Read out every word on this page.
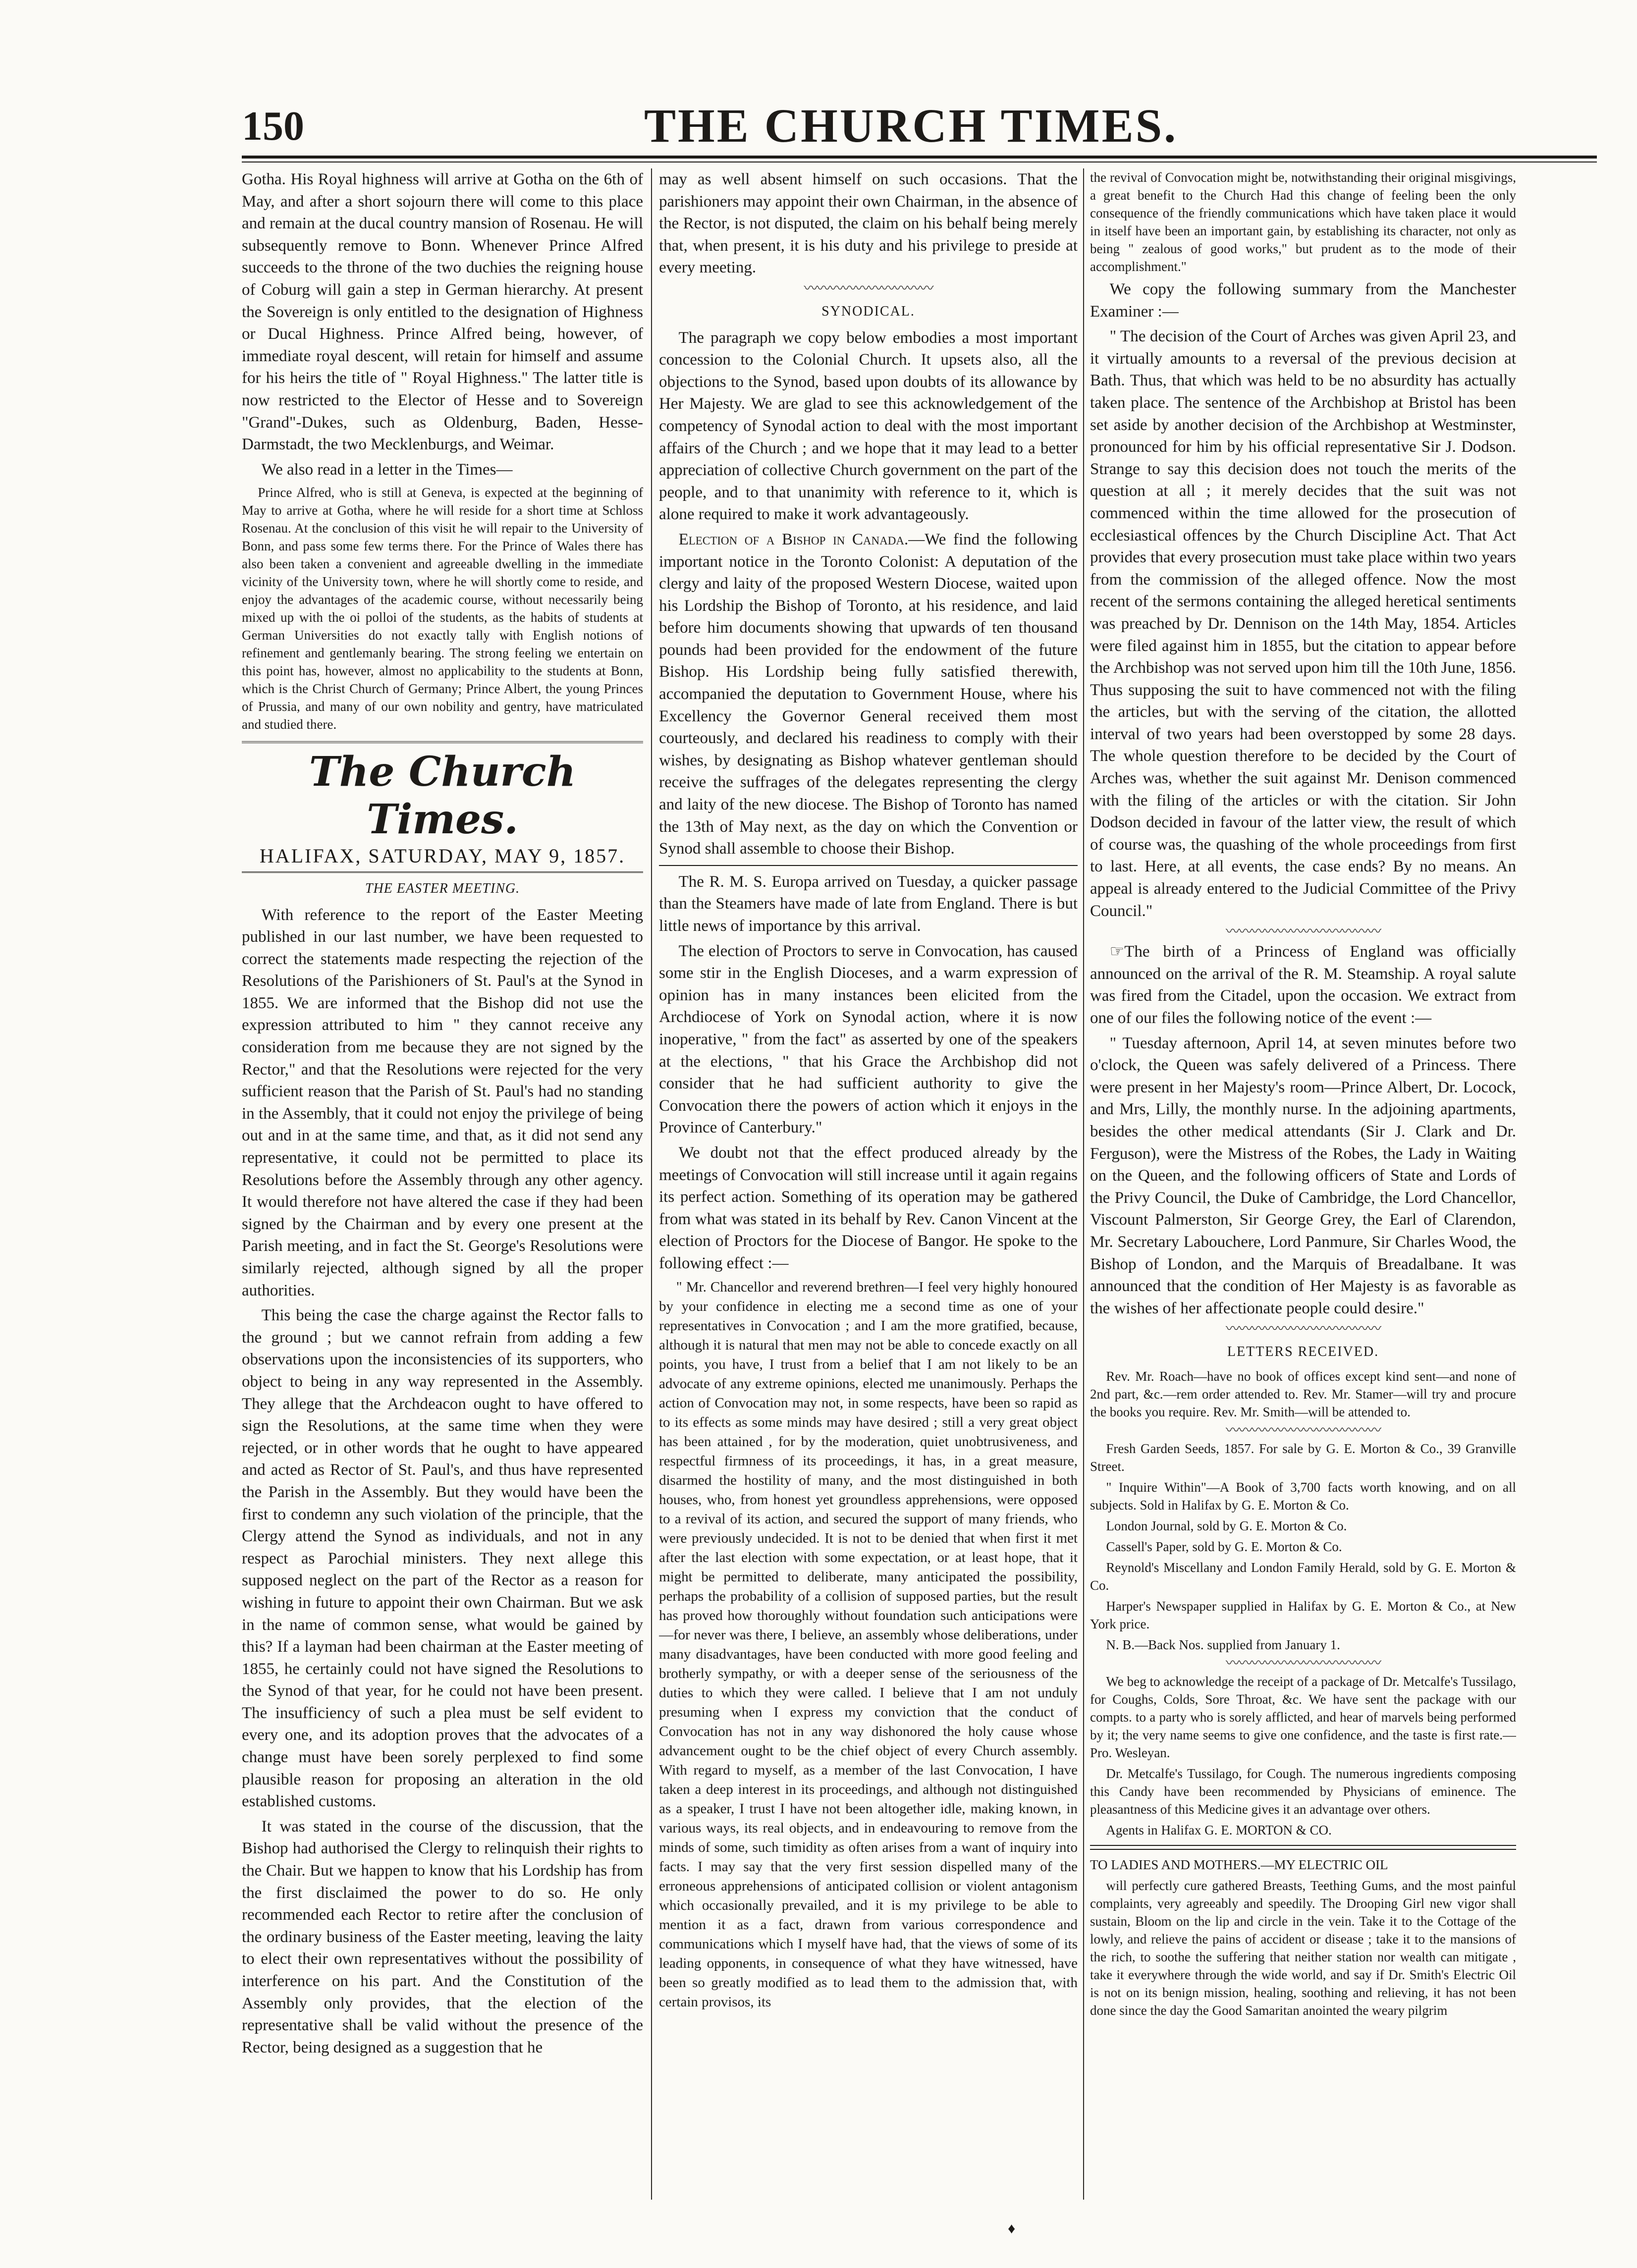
150	THE CHURCH TIMES.

Gotha. His Royal highness will arrive at Gotha on the 6th of May, and after a short sojourn there will come to this place and remain at the ducal country mansion of Rosenau. He will subsequently remove to Bonn. Whenever Prince Alfred succeeds to the throne of the two duchies the reigning house of Coburg will gain a step in German hierarchy. At present the Sovereign is only entitled to the designation of Highness or Ducal Highness. Prince Alfred being, however, of immediate royal descent, will retain for himself and assume for his heirs the title of " Royal Highness." The latter title is now restricted to the Elector of Hesse and to Sovereign "Grand"-Dukes, such as Oldenburg, Baden, Hesse-Darmstadt, the two Mecklenburgs, and Weimar.

We also read in a letter in the Times—

Prince Alfred, who is still at Geneva, is expected at the beginning of May to arrive at Gotha, where he will reside for a short time at Schloss Rosenau. At the conclusion of this visit he will repair to the University of Bonn, and pass some few terms there. For the Prince of Wales there has also been taken a convenient and agreeable dwelling in the immediate vicinity of the University town, where he will shortly come to reside, and enjoy the advantages of the academic course, without necessarily being mixed up with the oi polloi of the students, as the habits of students at German Universities do not exactly tally with English notions of refinement and gentlemanly bearing. The strong feeling we entertain on this point has, however, almost no applicability to the students at Bonn, which is the Christ Church of Germany; Prince Albert, the young Princes of Prussia, and many of our own nobility and gentry, have matriculated and studied there.

The Church Times.
HALIFAX, SATURDAY, MAY 9, 1857.
THE EASTER MEETING.

With reference to the report of the Easter Meeting published in our last number, we have been requested to correct the statements made respecting the rejection of the Resolutions of the Parishioners of St. Paul's at the Synod in 1855. We are informed that the Bishop did not use the expression attributed to him " they cannot receive any consideration from me because they are not signed by the Rector," and that the Resolutions were rejected for the very sufficient reason that the Parish of St. Paul's had no standing in the Assembly, that it could not enjoy the privilege of being out and in at the same time, and that, as it did not send any representative, it could not be permitted to place its Resolutions before the Assembly through any other agency. It would therefore not have altered the case if they had been signed by the Chairman and by every one present at the Parish meeting, and in fact the St. George's Resolutions were similarly rejected, although signed by all the proper authorities.

This being the case the charge against the Rector falls to the ground ; but we cannot refrain from adding a few observations upon the inconsistencies of its supporters, who object to being in any way represented in the Assembly. They allege that the Archdeacon ought to have offered to sign the Resolutions, at the same time when they were rejected, or in other words that he ought to have appeared and acted as Rector of St. Paul's, and thus have represented the Parish in the Assembly. But they would have been the first to condemn any such violation of the principle, that the Clergy attend the Synod as individuals, and not in any respect as Parochial ministers. They next allege this supposed neglect on the part of the Rector as a reason for wishing in future to appoint their own Chairman. But we ask in the name of common sense, what would be gained by this? If a layman had been chairman at the Easter meeting of 1855, he certainly could not have signed the Resolutions to the Synod of that year, for he could not have been present. The insufficiency of such a plea must be self evident to every one, and its adoption proves that the advocates of a change must have been sorely perplexed to find some plausible reason for proposing an alteration in the old established customs.

It was stated in the course of the discussion, that the Bishop had authorised the Clergy to relinquish their rights to the Chair. But we happen to know that his Lordship has from the first disclaimed the power to do so. He only recommended each Rector to retire after the conclusion of the ordinary business of the Easter meeting, leaving the laity to elect their own representatives without the possibility of interference on his part. And the Constitution of the Assembly only provides, that the election of the representative shall be valid without the presence of the Rector, being designed as a suggestion that he

may as well absent himself on such occasions. That the parishioners may appoint their own Chairman, in the absence of the Rector, is not disputed, the claim on his behalf being merely that, when present, it is his duty and his privilege to preside at every meeting.

〰〰〰〰〰〰〰〰〰〰
SYNODICAL.

The paragraph we copy below embodies a most important concession to the Colonial Church. It upsets also, all the objections to the Synod, based upon doubts of its allowance by Her Majesty. We are glad to see this acknowledgement of the competency of Synodal action to deal with the most important affairs of the Church ; and we hope that it may lead to a better appreciation of collective Church government on the part of the people, and to that unanimity with reference to it, which is alone required to make it work advantageously.

Election of a Bishop in Canada.—We find the following important notice in the Toronto Colonist: A deputation of the clergy and laity of the proposed Western Diocese, waited upon his Lordship the Bishop of Toronto, at his residence, and laid before him documents showing that upwards of ten thousand pounds had been provided for the endowment of the future Bishop. His Lordship being fully satisfied therewith, accompanied the deputation to Government House, where his Excellency the Governor General received them most courteously, and declared his readiness to comply with their wishes, by designating as Bishop whatever gentleman should receive the suffrages of the delegates representing the clergy and laity of the new diocese. The Bishop of Toronto has named the 13th of May next, as the day on which the Convention or Synod shall assemble to choose their Bishop.

The R. M. S. Europa arrived on Tuesday, a quicker passage than the Steamers have made of late from England. There is but little news of importance by this arrival.

The election of Proctors to serve in Convocation, has caused some stir in the English Dioceses, and a warm expression of opinion has in many instances been elicited from the Archdiocese of York on Synodal action, where it is now inoperative, " from the fact" as asserted by one of the speakers at the elections, " that his Grace the Archbishop did not consider that he had sufficient authority to give the Convocation there the powers of action which it enjoys in the Province of Canterbury."

We doubt not that the effect produced already by the meetings of Convocation will still increase until it again regains its perfect action. Something of its operation may be gathered from what was stated in its behalf by Rev. Canon Vincent at the election of Proctors for the Diocese of Bangor. He spoke to the following effect :—

" Mr. Chancellor and reverend brethren—I feel very highly honoured by your confidence in electing me a second time as one of your representatives in Convocation ; and I am the more gratified, because, although it is natural that men may not be able to concede exactly on all points, you have, I trust from a belief that I am not likely to be an advocate of any extreme opinions, elected me unanimously. Perhaps the action of Convocation may not, in some respects, have been so rapid as to its effects as some minds may have desired ; still a very great object has been attained , for by the moderation, quiet unobtrusiveness, and respectful firmness of its proceedings, it has, in a great measure, disarmed the hostility of many, and the most distinguished in both houses, who, from honest yet groundless apprehensions, were opposed to a revival of its action, and secured the support of many friends, who were previously undecided. It is not to be denied that when first it met after the last election with some expectation, or at least hope, that it might be permitted to deliberate, many anticipated the possibility, perhaps the probability of a collision of supposed parties, but the result has proved how thoroughly without foundation such anticipations were—for never was there, I believe, an assembly whose deliberations, under many disadvantages, have been conducted with more good feeling and brotherly sympathy, or with a deeper sense of the seriousness of the duties to which they were called. I believe that I am not unduly presuming when I express my conviction that the conduct of Convocation has not in any way dishonored the holy cause whose advancement ought to be the chief object of every Church assembly. With regard to myself, as a member of the last Convocation, I have taken a deep interest in its proceedings, and although not distinguished as a speaker, I trust I have not been altogether idle, making known, in various ways, its real objects, and in endeavouring to remove from the minds of some, such timidity as often arises from a want of inquiry into facts. I may say that the very first session dispelled many of the erroneous apprehensions of anticipated collision or violent antagonism which occasionally prevailed, and it is my privilege to be able to mention it as a fact, drawn from various correspondence and communications which I myself have had, that the views of some of its leading opponents, in consequence of what they have witnessed, have been so greatly modified as to lead them to the admission that, with certain provisos, its

the revival of Convocation might be, notwithstanding their original misgivings, a great benefit to the Church Had this change of feeling been the only consequence of the friendly communications which have taken place it would in itself have been an important gain, by establishing its character, not only as being " zealous of good works," but prudent as to the mode of their accomplishment."

We copy the following summary from the Manchester Examiner :—

" The decision of the Court of Arches was given April 23, and it virtually amounts to a reversal of the previous decision at Bath. Thus, that which was held to be no absurdity has actually taken place. The sentence of the Archbishop at Bristol has been set aside by another decision of the Archbishop at Westminster, pronounced for him by his official representative Sir J. Dodson. Strange to say this decision does not touch the merits of the question at all ; it merely decides that the suit was not commenced within the time allowed for the prosecution of ecclesiastical offences by the Church Discipline Act. That Act provides that every prosecution must take place within two years from the commission of the alleged offence. Now the most recent of the sermons containing the alleged heretical sentiments was preached by Dr. Dennison on the 14th May, 1854. Articles were filed against him in 1855, but the citation to appear before the Archbishop was not served upon him till the 10th June, 1856. Thus supposing the suit to have commenced not with the filing the articles, but with the serving of the citation, the allotted interval of two years had been overstopped by some 28 days. The whole question therefore to be decided by the Court of Arches was, whether the suit against Mr. Denison commenced with the filing of the articles or with the citation. Sir John Dodson decided in favour of the latter view, the result of which of course was, the quashing of the whole proceedings from first to last. Here, at all events, the case ends? By no means. An appeal is already entered to the Judicial Committee of the Privy Council."

〰〰〰〰〰〰〰〰〰〰〰〰

☞The birth of a Princess of England was officially announced on the arrival of the R. M. Steamship. A royal salute was fired from the Citadel, upon the occasion. We extract from one of our files the following notice of the event :—

" Tuesday afternoon, April 14, at seven minutes before two o'clock, the Queen was safely delivered of a Princess. There were present in her Majesty's room—Prince Albert, Dr. Locock, and Mrs, Lilly, the monthly nurse. In the adjoining apartments, besides the other medical attendants (Sir J. Clark and Dr. Ferguson), were the Mistress of the Robes, the Lady in Waiting on the Queen, and the following officers of State and Lords of the Privy Council, the Duke of Cambridge, the Lord Chancellor, Viscount Palmerston, Sir George Grey, the Earl of Clarendon, Mr. Secretary Labouchere, Lord Panmure, Sir Charles Wood, the Bishop of London, and the Marquis of Breadalbane. It was announced that the condition of Her Majesty is as favorable as the wishes of her affectionate people could desire."

〰〰〰〰〰〰〰〰〰〰〰〰
LETTERS RECEIVED.

Rev. Mr. Roach—have no book of offices except kind sent—and none of 2nd part, &c.—rem order attended to. Rev. Mr. Stamer—will try and procure the books you require. Rev. Mr. Smith—will be attended to.

〰〰〰〰〰〰〰〰〰〰〰〰

Fresh Garden Seeds, 1857. For sale by G. E. Morton & Co., 39 Granville Street.

" Inquire Within"—A Book of 3,700 facts worth knowing, and on all subjects. Sold in Halifax by G. E. Morton & Co.

London Journal, sold by G. E. Morton & Co.

Cassell's Paper, sold by G. E. Morton & Co.

Reynold's Miscellany and London Family Herald, sold by G. E. Morton & Co.

Harper's Newspaper supplied in Halifax by G. E. Morton & Co., at New York price.

N. B.—Back Nos. supplied from January 1.

〰〰〰〰〰〰〰〰〰〰〰〰

We beg to acknowledge the receipt of a package of Dr. Metcalfe's Tussilago, for Coughs, Colds, Sore Throat, &c. We have sent the package with our compts. to a party who is sorely afflicted, and hear of marvels being performed by it; the very name seems to give one confidence, and the taste is first rate.—Pro. Wesleyan.

Dr. Metcalfe's Tussilago, for Cough. The numerous ingredients composing this Candy have been recommended by Physicians of eminence. The pleasantness of this Medicine gives it an advantage over others.

Agents in Halifax G. E. MORTON & CO.

TO LADIES AND MOTHERS.—MY ELECTRIC OIL

will perfectly cure gathered Breasts, Teething Gums, and the most painful complaints, very agreeably and speedily. The Drooping Girl new vigor shall sustain, Bloom on the lip and circle in the vein. Take it to the Cottage of the lowly, and relieve the pains of accident or disease ; take it to the mansions of the rich, to soothe the suffering that neither station nor wealth can mitigate , take it everywhere through the wide world, and say if Dr. Smith's Electric Oil is not on its benign mission, healing, soothing and relieving, it has not been done since the day the Good Samaritan anointed the weary pilgrim

♦
